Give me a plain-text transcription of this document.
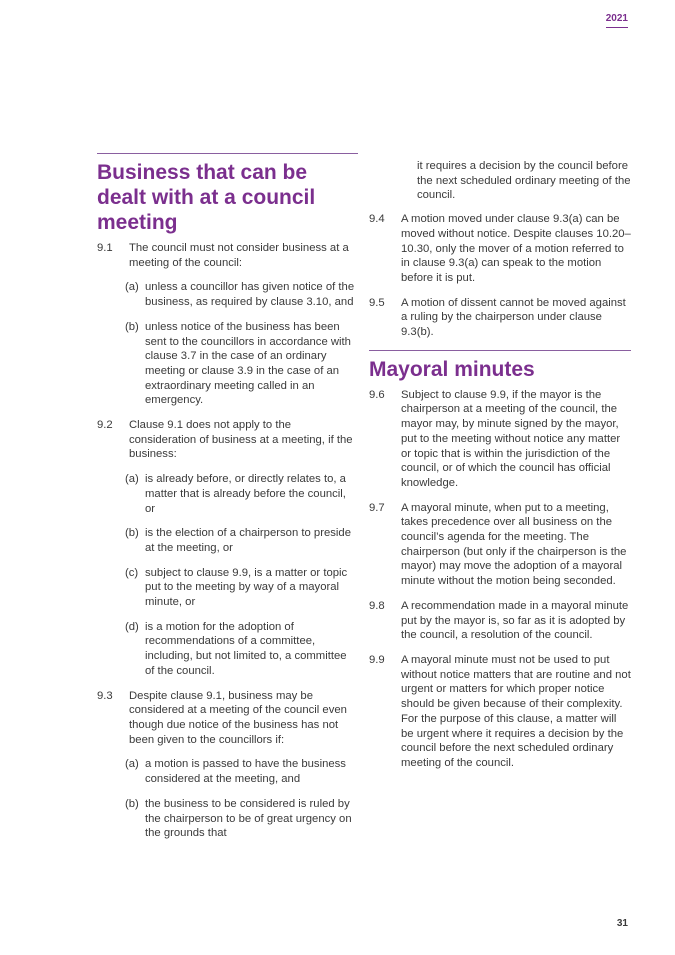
2021
Business that can be dealt with at a council meeting
9.1	The council must not consider business at a meeting of the council:
(a) unless a councillor has given notice of the business, as required by clause 3.10, and
(b) unless notice of the business has been sent to the councillors in accordance with clause 3.7 in the case of an ordinary meeting or clause 3.9 in the case of an extraordinary meeting called in an emergency.
9.2	Clause 9.1 does not apply to the consideration of business at a meeting, if the business:
(a) is already before, or directly relates to, a matter that is already before the council, or
(b) is the election of a chairperson to preside at the meeting, or
(c) subject to clause 9.9, is a matter or topic put to the meeting by way of a mayoral minute, or
(d) is a motion for the adoption of recommendations of a committee, including, but not limited to, a committee of the council.
9.3	Despite clause 9.1, business may be considered at a meeting of the council even though due notice of the business has not been given to the councillors if:
(a) a motion is passed to have the business considered at the meeting, and
(b) the business to be considered is ruled by the chairperson to be of great urgency on the grounds that
it requires a decision by the council before the next scheduled ordinary meeting of the council.
9.4	A motion moved under clause 9.3(a) can be moved without notice. Despite clauses 10.20–10.30, only the mover of a motion referred to in clause 9.3(a) can speak to the motion before it is put.
9.5	A motion of dissent cannot be moved against a ruling by the chairperson under clause 9.3(b).
Mayoral minutes
9.6	Subject to clause 9.9, if the mayor is the chairperson at a meeting of the council, the mayor may, by minute signed by the mayor, put to the meeting without notice any matter or topic that is within the jurisdiction of the council, or of which the council has official knowledge.
9.7	A mayoral minute, when put to a meeting, takes precedence over all business on the council’s agenda for the meeting. The chairperson (but only if the chairperson is the mayor) may move the adoption of a mayoral minute without the motion being seconded.
9.8	A recommendation made in a mayoral minute put by the mayor is, so far as it is adopted by the council, a resolution of the council.
9.9	A mayoral minute must not be used to put without notice matters that are routine and not urgent or matters for which proper notice should be given because of their complexity. For the purpose of this clause, a matter will be urgent where it requires a decision by the council before the next scheduled ordinary meeting of the council.
31
